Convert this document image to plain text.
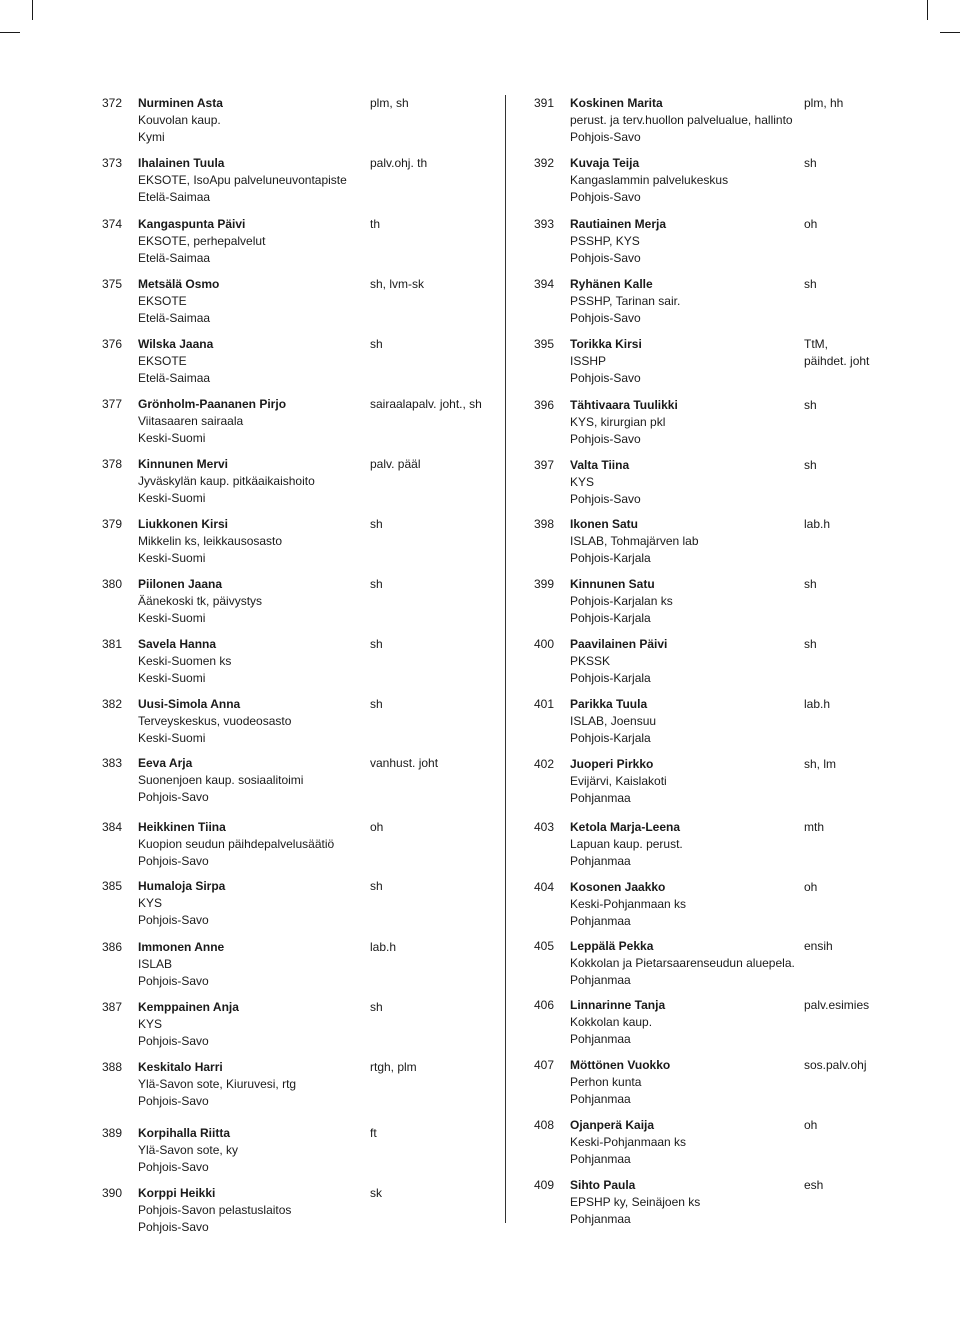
372 Nurminen Asta
Kouvolan kaup.
Kymi
plm, sh
373 Ihalainen Tuula
EKSOTE, IsoApu palveluneuvontapiste
Etelä-Saimaa
palv.ohj. th
374 Kangaspunta Päivi
EKSOTE, perhepalvelut
Etelä-Saimaa
th
375 Metsälä Osmo
EKSOTE
Etelä-Saimaa
sh, lvm-sk
376 Wilska Jaana
EKSOTE
Etelä-Saimaa
sh
377 Grönholm-Paananen Pirjo
Viitasaaren sairaala
Keski-Suomi
sairaalapalv. joht., sh
378 Kinnunen Mervi
Jyväskylän kaup. pitkäaikaishoito
Keski-Suomi
palv. pääl
379 Liukkonen Kirsi
Mikkelin ks, leikkausosasto
Keski-Suomi
sh
380 Piilonen Jaana
Äänekoski tk, päivystys
Keski-Suomi
sh
381 Savela Hanna
Keski-Suomen ks
Keski-Suomi
sh
382 Uusi-Simola Anna
Terveyskeskus, vuodeosasto
Keski-Suomi
sh
383 Eeva Arja
Suonenjoen kaup. sosiaalitoimi
Pohjois-Savo
vanhust. joht
384 Heikkinen Tiina
Kuopion seudun päihdepalvelusäätiö
Pohjois-Savo
oh
385 Humaloja Sirpa
KYS
Pohjois-Savo
sh
386 Immonen Anne
ISLAB
Pohjois-Savo
lab.h
387 Kemppainen Anja
KYS
Pohjois-Savo
sh
388 Keskitalo Harri
Ylä-Savon sote, Kiuruvesi, rtg
Pohjois-Savo
rtgh, plm
389 Korpihalla Riitta
Ylä-Savon sote, ky
Pohjois-Savo
ft
390 Korppi Heikki
Pohjois-Savon pelastuslaitos
Pohjois-Savo
sk
391 Koskinen Marita
perust. ja terv.huollon palvelualue, hallinto
Pohjois-Savo
plm, hh
392 Kuvaja Teija
Kangaslammin palvelukeskus
Pohjois-Savo
sh
393 Rautiainen Merja
PSSHP, KYS
Pohjois-Savo
oh
394 Ryhänen Kalle
PSSHP, Tarinan sair.
Pohjois-Savo
sh
395 Torikka Kirsi
ISSHP
Pohjois-Savo
TtM,
päihdet. joht
396 Tähtivaara Tuulikki
KYS, kirurgian pkl
Pohjois-Savo
sh
397 Valta Tiina
KYS
Pohjois-Savo
sh
398 Ikonen Satu
ISLAB, Tohmajärven lab
Pohjois-Karjala
lab.h
399 Kinnunen Satu
Pohjois-Karjalan ks
Pohjois-Karjala
sh
400 Paavilainen Päivi
PKSSK
Pohjois-Karjala
sh
401 Parikka Tuula
ISLAB, Joensuu
Pohjois-Karjala
lab.h
402 Juoperi Pirkko
Evijärvi, Kaislakoti
Pohjanmaa
sh, lm
403 Ketola Marja-Leena
Lapuan kaup. perust.
Pohjanmaa
mth
404 Kosonen Jaakko
Keski-Pohjanmaan ks
Pohjanmaa
oh
405 Leppälä Pekka
Kokkolan ja Pietarsaarenseudun aluepela.
Pohjanmaa
ensih
406 Linnarinne Tanja
Kokkolan kaup.
Pohjanmaa
palv.esimies
407 Möttönen Vuokko
Perhon kunta
Pohjanmaa
sos.palv.ohj
408 Ojanperä Kaija
Keski-Pohjanmaan ks
Pohjanmaa
oh
409 Sihto Paula
EPSHP ky, Seinäjoen ks
Pohjanmaa
esh
